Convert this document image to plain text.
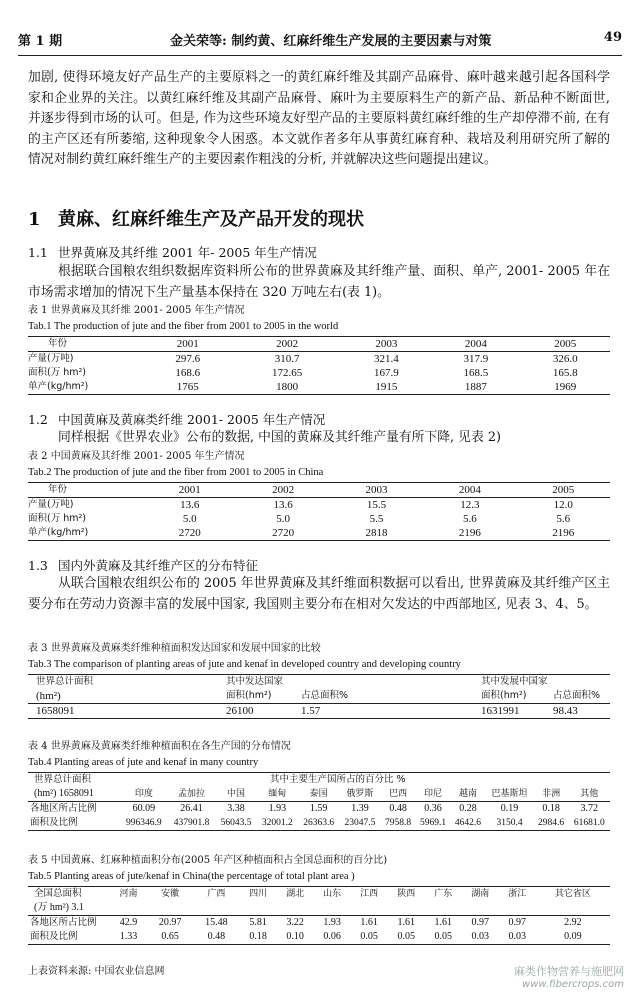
第 1 期	金关荣等: 制约黄、红麻纤维生产发展的主要因素与对策	49
加剧, 使得环境友好产品生产的主要原料之一的黄红麻纤维及其副产品麻骨、麻叶越来越引起各国科学家和企业界的关注。以黄红麻纤维及其副产品麻骨、麻叶为主要原料生产的新产品、新品种不断面世, 并逐步得到市场的认可。但是, 作为这些环境友好型产品的主要原料黄红麻纤维的生产却停滞不前, 在有的主产区还有所萎缩, 这种现象令人困惑。本文就作者多年从事黄红麻育种、栽培及利用研究所了解的情况对制约黄红麻纤维生产的主要因素作粗浅的分析, 并就解决这些问题提出建议。
1 黄麻、红麻纤维生产及产品开发的现状
1.1 世界黄麻及其纤维 2001 年- 2005 年生产情况
根据联合国粮农组织数据库资料所公布的世界黄麻及其纤维产量、面积、单产, 2001- 2005 年在市场需求增加的情况下生产量基本保持在 320 万吨左右(表 1)。
表 1 世界黄麻及其纤维 2001- 2005 年生产情况
Tab.1 The production of jute and the fiber from 2001 to 2005 in the world
年份	2001	2002	2003	2004	2005
产量(万吨)	297.6	310.7	321.4	317.9	326.0
面积(万 hm²)	168.6	172.65	167.9	168.5	165.8
单产(kg/hm²)	1765	1800	1915	1887	1969
1.2 中国黄麻及黄麻类纤维 2001- 2005 年生产情况
同样根据《世界农业》公布的数据, 中国的黄麻及其纤维产量有所下降, 见表 2)
表 2 中国黄麻及其纤维 2001- 2005 年生产情况
Tab.2 The production of jute and the fiber from 2001 to 2005 in China
年份	2001	2002	2003	2004	2005
产量(万吨)	13.6	13.6	15.5	12.3	12.0
面积(万 hm²)	5.0	5.0	5.5	5.6	5.6
单产(kg/hm²)	2720	2720	2818	2196	2196
1.3 国内外黄麻及其纤维产区的分布特征
从联合国粮农组织公布的 2005 年世界黄麻及其纤维面积数据可以看出, 世界黄麻及其纤维产区主要分布在劳动力资源丰富的发展中国家, 我国则主要分布在相对欠发达的中西部地区, 见表 3、4、5。
表 3 世界黄麻及黄麻类纤维种植面积发达国家和发展中国家的比较
Tab.3 The comparison of planting areas of jute and kenaf in developed country and developing country
世界总计面积	其中发达国家		其中发展中国家	
(hm²)	面积(hm²)	占总面积%	面积(hm²)	占总面积%
1658091	26100	1.57	1631991	98.43
表 4 世界黄麻及黄麻类纤维种植面积在各生产国的分布情况
Tab.4 Planting areas of jute and kenaf in many country
世界总计面积	其中主要生产国所占的百分比 %											
(hm²) 1658091	印度	孟加拉	中国	缅甸	泰国	俄罗斯	巴西	印尼	越南	巴基斯坦	非洲	其他
各地区所占比例	60.09	26.41	3.38	1.93	1.59	1.39	0.48	0.36	0.28	0.19	0.18	3.72
面积及比例	996346.9	437901.8	56043.5	32001.2	26363.6	23047.5	7958.8	5969.1	4642.6	3150.4	2984.6	61681.0
表 5 中国黄麻、红麻种植面积分布(2005 年产区种植面积占全国总面积的百分比)
Tab.5 Planting areas of jute/kenaf in China(the percentage of total plant area )
全国总面积	河南	安徽	广西	四川	湖北	山东	江西	陕西	广东	湖南	浙江	其它省区
(万 hm²) 3.1												
各地区所占比例	42.9	20.97	15.48	5.81	3.22	1.93	1.61	1.61	1.61	0.97	0.97	2.92
面积及比例	1.33	0.65	0.48	0.18	0.10	0.06	0.05	0.05	0.05	0.03	0.03	0.09
上表资料来源: 中国农业信息网	麻类作物营养与施肥网
www.fibercrops.com
